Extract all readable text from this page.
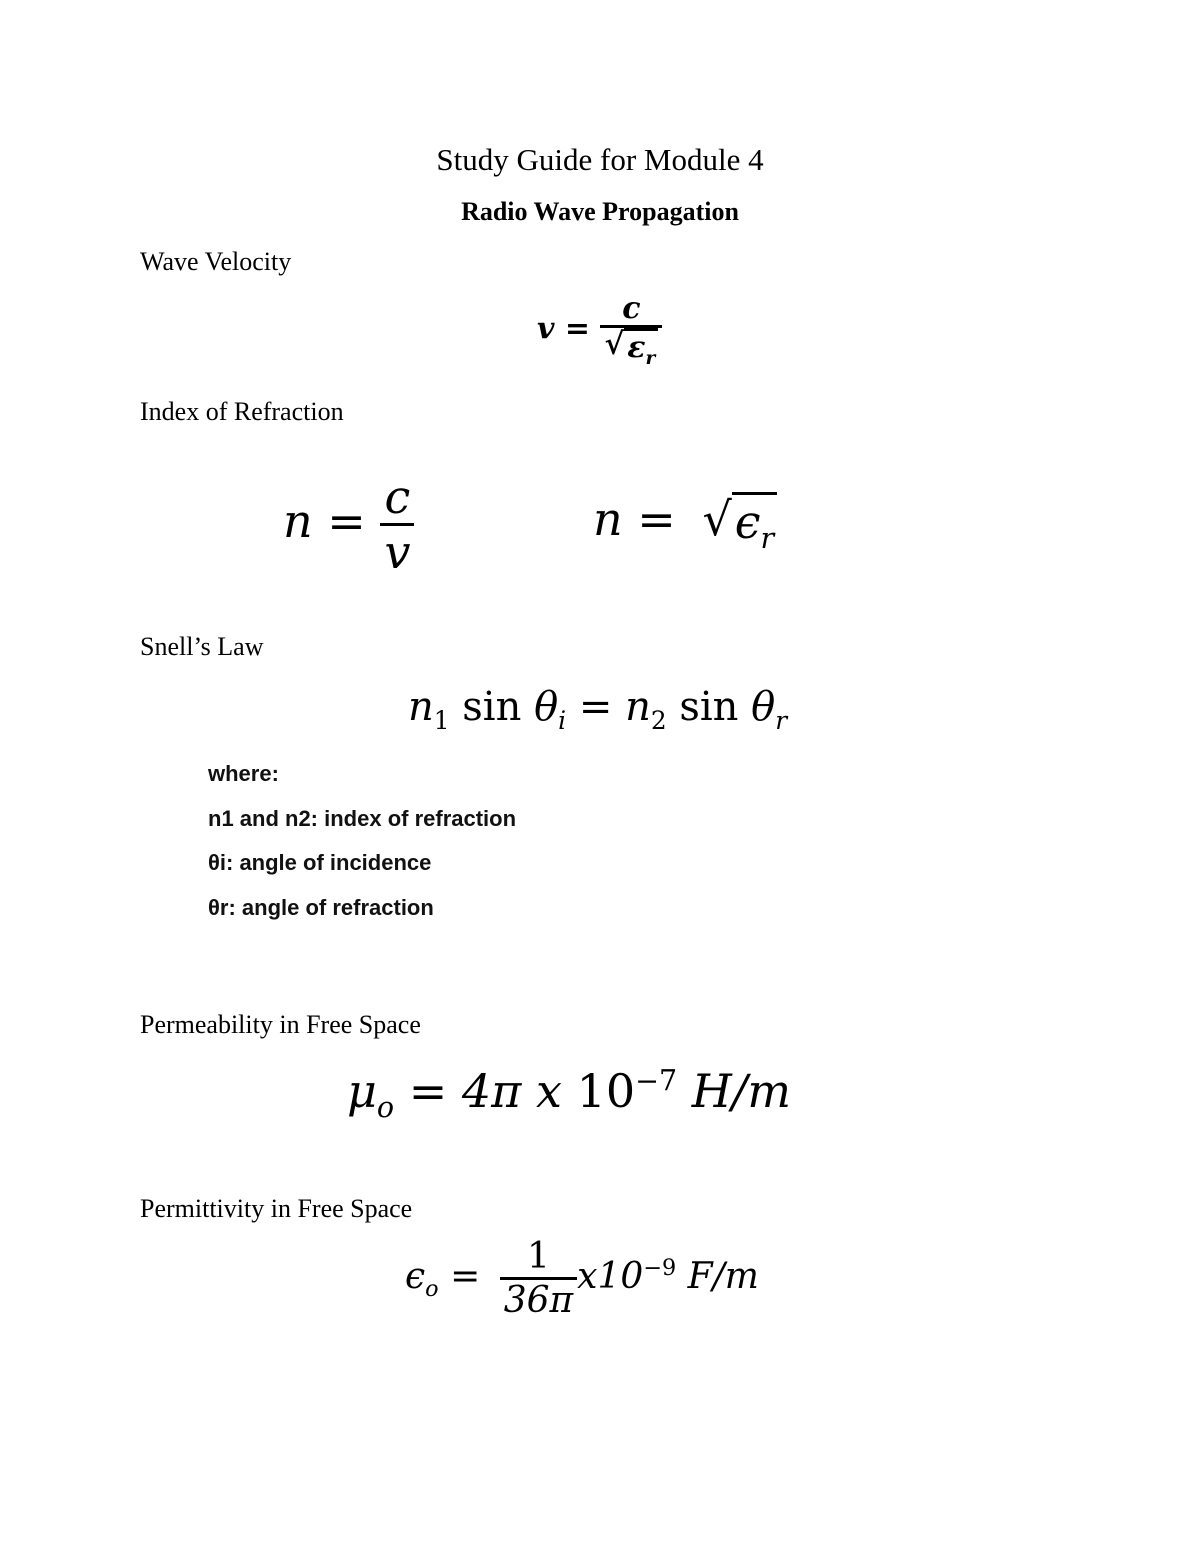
Study Guide for Module 4
Radio Wave Propagation
Wave Velocity
$v = \frac{c}{√ \varepsilon_r}$
Index of Refraction
$n = \frac{c}{v}$	n = √ $\epsilon_r$
Snell’s Law
$n_1$ $\sin \theta_i = n_2$ $\sin \theta_r$
where:
n1 and n2: index of refraction
θi: angle of incidence
θr: angle of refraction
Permeability in Free Space
$\mu_o = 4\pi$ x $10^{-7}$ H/m
Permittivity in Free Space
$\epsilon_o = \frac{1}{36\pi} x10^{-9}$ F/m
